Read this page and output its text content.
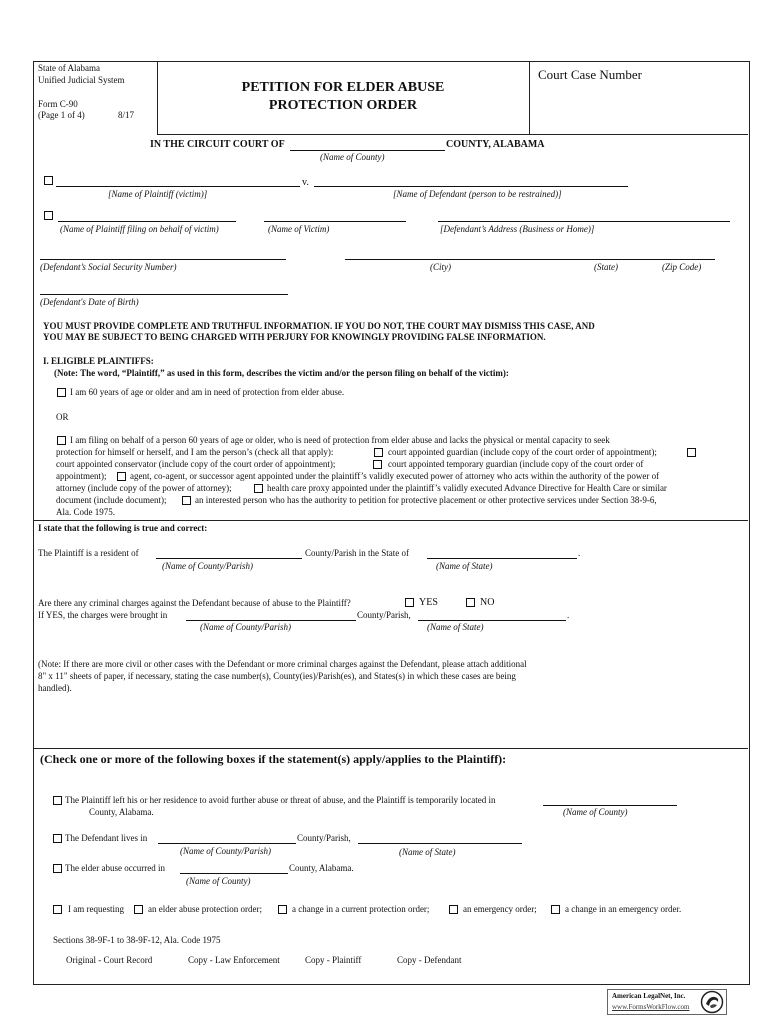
State of Alabama
Unified Judicial System
Form C-90
(Page 1 of 4)	8/17
PETITION FOR ELDER ABUSE
PROTECTION ORDER
Court Case Number
IN THE CIRCUIT COURT OF	COUNTY, ALABAMA
(Name of County)
v.
[Name of Plaintiff (victim)]	[Name of Defendant (person to be restrained)]
(Name of Plaintiff filing on behalf of victim)	(Name of Victim)	[Defendant’s Address (Business or Home)]
(Defendant’s Social Security Number)	(City)	(State)	(Zip Code)
(Defendant's Date of Birth)
YOU MUST PROVIDE COMPLETE AND TRUTHFUL INFORMATION. IF YOU DO NOT, THE COURT MAY DISMISS THIS CASE, AND
YOU MAY BE SUBJECT TO BEING CHARGED WITH PERJURY FOR KNOWINGLY PROVIDING FALSE INFORMATION.
I. ELIGIBLE PLAINTIFFS:
(Note: The word, “Plaintiff,” as used in this form, describes the victim and/or the person filing on behalf of the victim):
I am 60 years of age or older and am in need of protection from elder abuse.
OR
I am filing on behalf of a person 60 years of age or older, who is need of protection from elder abuse and lacks the physical or mental capacity to seek
protection for himself or herself, and I am the person’s (check all that apply):	court appointed guardian (include copy of the court order of appointment);
court appointed conservator (include copy of the court order of appointment);	court appointed temporary guardian (include copy of the court order of
appointment);	agent, co-agent, or successor agent appointed under the plaintiff’s validly executed power of attorney who acts within the authority of the power of
attorney (include copy of the power of attorney);	health care proxy appointed under the plaintiff’s validly executed Advance Directive for Health Care or similar
document (include document);	an interested person who has the authority to petition for protective placement or other protective services under Section 38-9-6,
Ala. Code 1975.
I state that the following is true and correct:
The Plaintiff is a resident of	County/Parish in the State of	.
(Name of County/Parish)	(Name of State)
Are there any criminal charges against the Defendant because of abuse to the Plaintiff?	YES	NO
If YES, the charges were brought in	County/Parish,	.
(Name of County/Parish)	(Name of State)
(Note: If there are more civil or other cases with the Defendant or more criminal charges against the Defendant, please attach additional
8" x 11" sheets of paper, if necessary, stating the case number(s), County(ies)/Parish(es), and States(s) in which these cases are being
handled).
(Check one or more of the following boxes if the statement(s) apply/applies to the Plaintiff):
The Plaintiff left his or her residence to avoid further abuse or threat of abuse, and the Plaintiff is temporarily located in
County, Alabama.	(Name of County)
The Defendant lives in	County/Parish,
(Name of County/Parish)	(Name of State)
The elder abuse occurred in	County, Alabama.
(Name of County)
I am requesting	an elder abuse protection order;	a change in a current protection order;	an emergency order;	a change in an emergency order.
Sections 38-9F-1 to 38-9F-12, Ala. Code 1975
Original - Court Record	Copy - Law Enforcement	Copy - Plaintiff	Copy - Defendant
American LegalNet, Inc.
www.FormsWorkFlow.com
